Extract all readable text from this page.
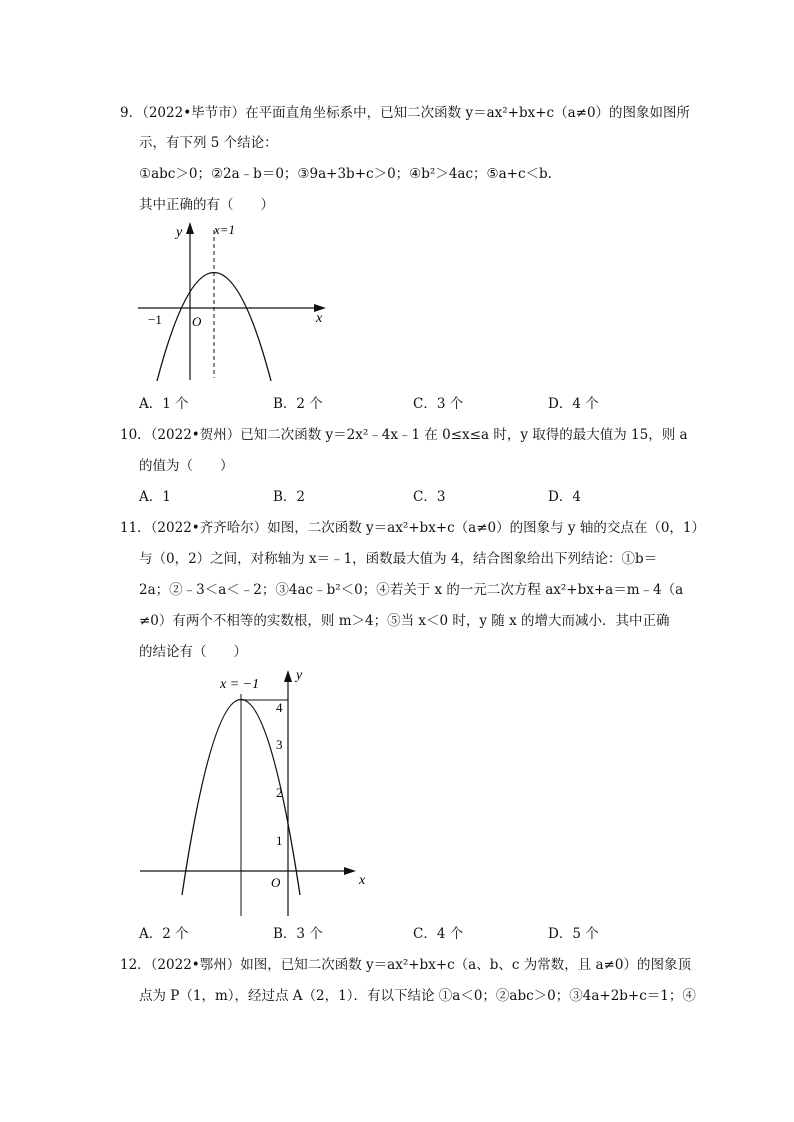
9．（2022•毕节市）在平面直角坐标系中，已知二次函数 y＝ax²+bx+c（a≠0）的图象如图所
示，有下列 5 个结论：
①abc＞0；②2a﹣b＝0；③9a+3b+c＞0；④b²＞4ac；⑤a+c＜b.
其中正确的有（　　）
y
x
O
−1
x=1
A．1 个	B．2 个	C．3 个	D．4 个
10．（2022•贺州）已知二次函数 y＝2x²﹣4x﹣1 在 0≤x≤a 时，y 取得的最大值为 15，则 a
的值为（　　）
A．1	B．2	C．3	D．4
11．（2022•齐齐哈尔）如图，二次函数 y＝ax²+bx+c（a≠0）的图象与 y 轴的交点在（0，1）
与（0，2）之间，对称轴为 x＝﹣1，函数最大值为 4，结合图象给出下列结论：①b＝
2a；②﹣3＜a＜﹣2；③4ac﹣b²＜0；④若关于 x 的一元二次方程 ax²+bx+a＝m﹣4（a
≠0）有两个不相等的实数根，则 m＞4；⑤当 x＜0 时，y 随 x 的增大而减小．其中正确
的结论有（　　）
y
x
O
x = −1
4
3
2
1
A．2 个	B．3 个	C．4 个	D．5 个
12．（2022•鄂州）如图，已知二次函数 y＝ax²+bx+c（a、b、c 为常数，且 a≠0）的图象顶
点为 P（1，m），经过点 A（2，1）．有以下结论 ①a＜0；②abc＞0；③4a+2b+c＝1；④
